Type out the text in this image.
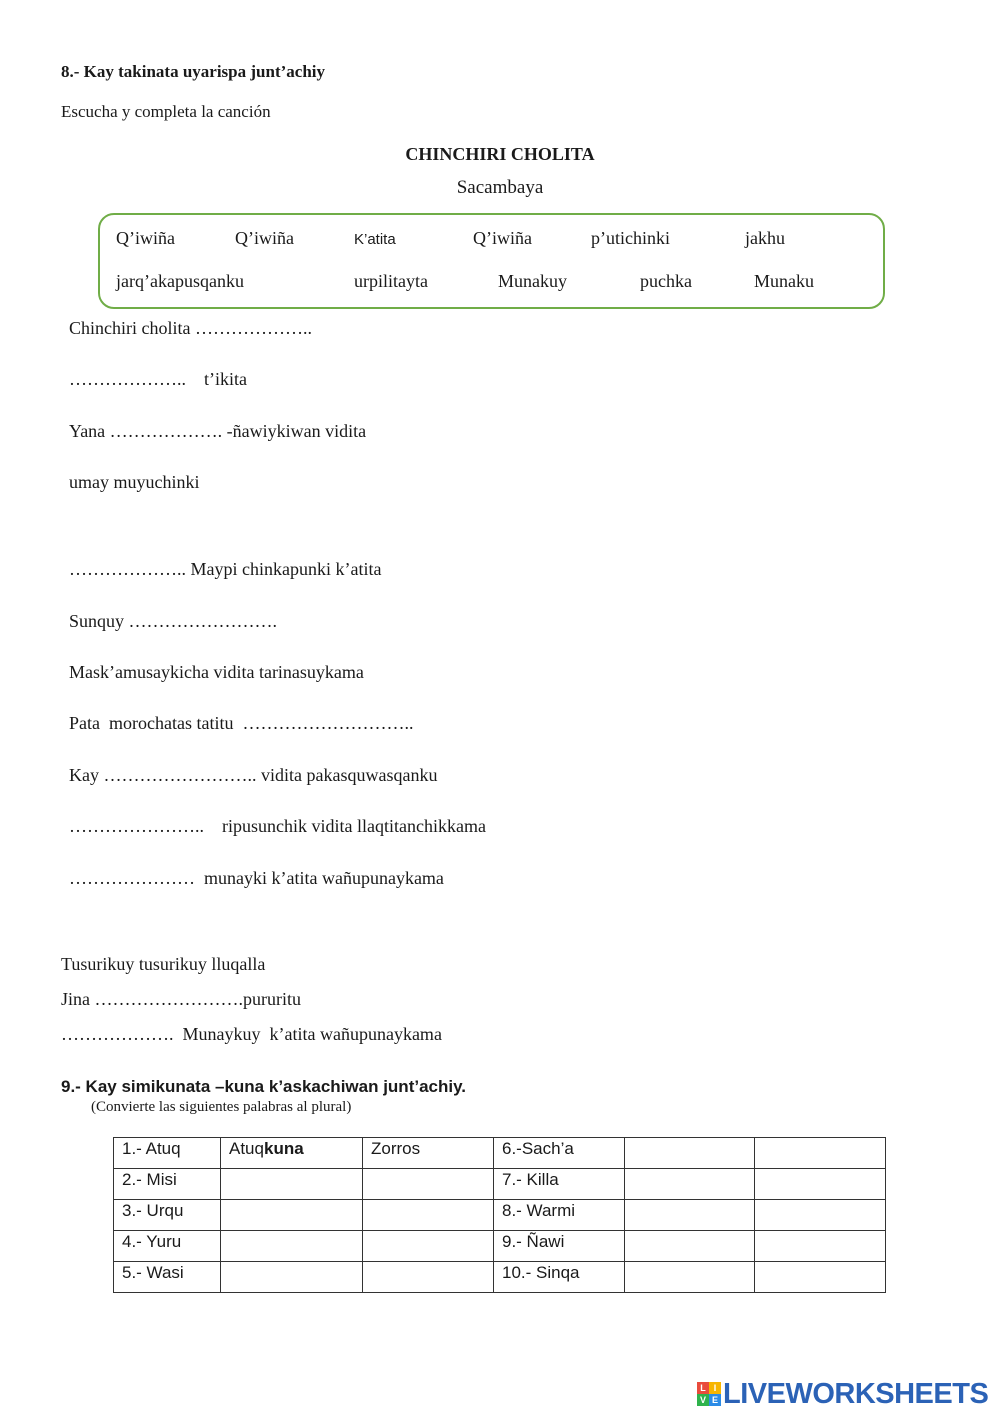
8.- Kay takinata uyarispa junt’achiy
Escucha y completa la canción
CHINCHIRI CHOLITA
Sacambaya
Q’iwiña	Q’iwiña	K’atita	Q’iwiña	p’utichinki	jakhu
jarq’akapusqanku	urpilitayta	Munakuy	puchka	Munaku
Chinchiri cholita ………………..
………………..    t’ikita
Yana ………………. -ñawiykiwan vidita
umay muyuchinki
……………….. Maypi chinkapunki k’atita
Sunquy …………………….
Mask’amusaykicha vidita tarinasuykama
Pata  morochatas tatitu  ………………………..
Kay …………………….. vidita pakasquwasqanku
…………………..    ripusunchik vidita llaqtitanchikkama
…………………  munayki k’atita wañupunaykama
Tusurikuy tusurikuy lluqalla
Jina …………………….pururitu
……………….  Munaykuy  k’atita wañupunaykama
9.- Kay simikunata –kuna k’askachiwan junt’achiy.
(Convierte las siguientes palabras al plural)
1.- Atuq	Atuqkuna	Zorros	6.-Sach’a		
2.- Misi			7.- Killa		
3.- Urqu			8.- Warmi		
4.- Yuru			9.- Ñawi		
5.- Wasi			10.- Sinqa		
L I
V E LIVEWORKSHEETS
